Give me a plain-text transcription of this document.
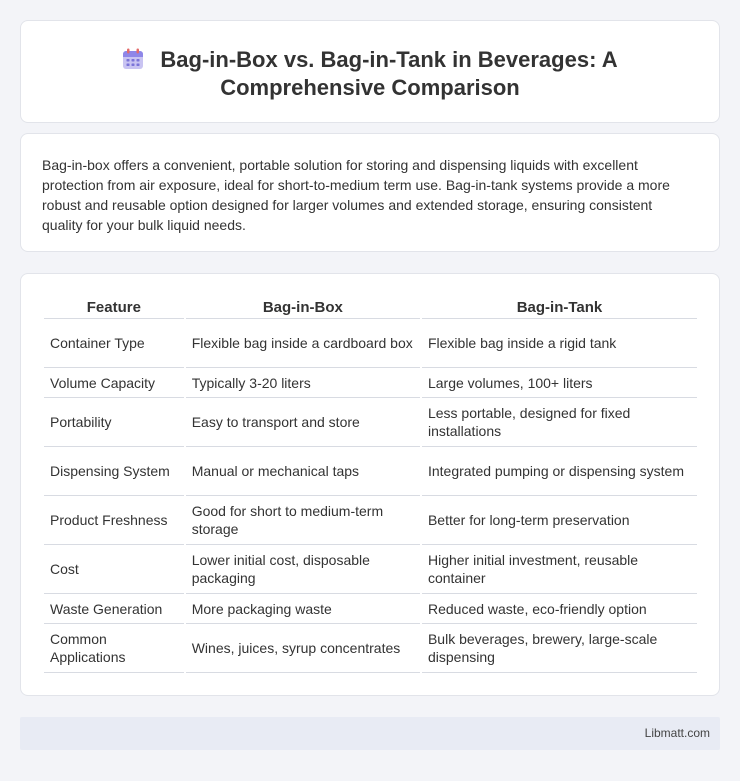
Bag-in-Box vs. Bag-in-Tank in Beverages: A Comprehensive Comparison

Bag-in-box offers a convenient, portable solution for storing and dispensing liquids with excellent protection from air exposure, ideal for short-to-medium term use. Bag-in-tank systems provide a more robust and reusable option designed for larger volumes and extended storage, ensuring consistent quality for your bulk liquid needs.

Feature	Bag-in-Box	Bag-in-Tank
Container Type	Flexible bag inside a cardboard box	Flexible bag inside a rigid tank
Volume Capacity	Typically 3-20 liters	Large volumes, 100+ liters
Portability	Easy to transport and store	Less portable, designed for fixed installations
Dispensing System	Manual or mechanical taps	Integrated pumping or dispensing system
Product Freshness	Good for short to medium-term storage	Better for long-term preservation
Cost	Lower initial cost, disposable packaging	Higher initial investment, reusable container
Waste Generation	More packaging waste	Reduced waste, eco-friendly option
Common Applications	Wines, juices, syrup concentrates	Bulk beverages, brewery, large-scale dispensing
Libmatt.com
